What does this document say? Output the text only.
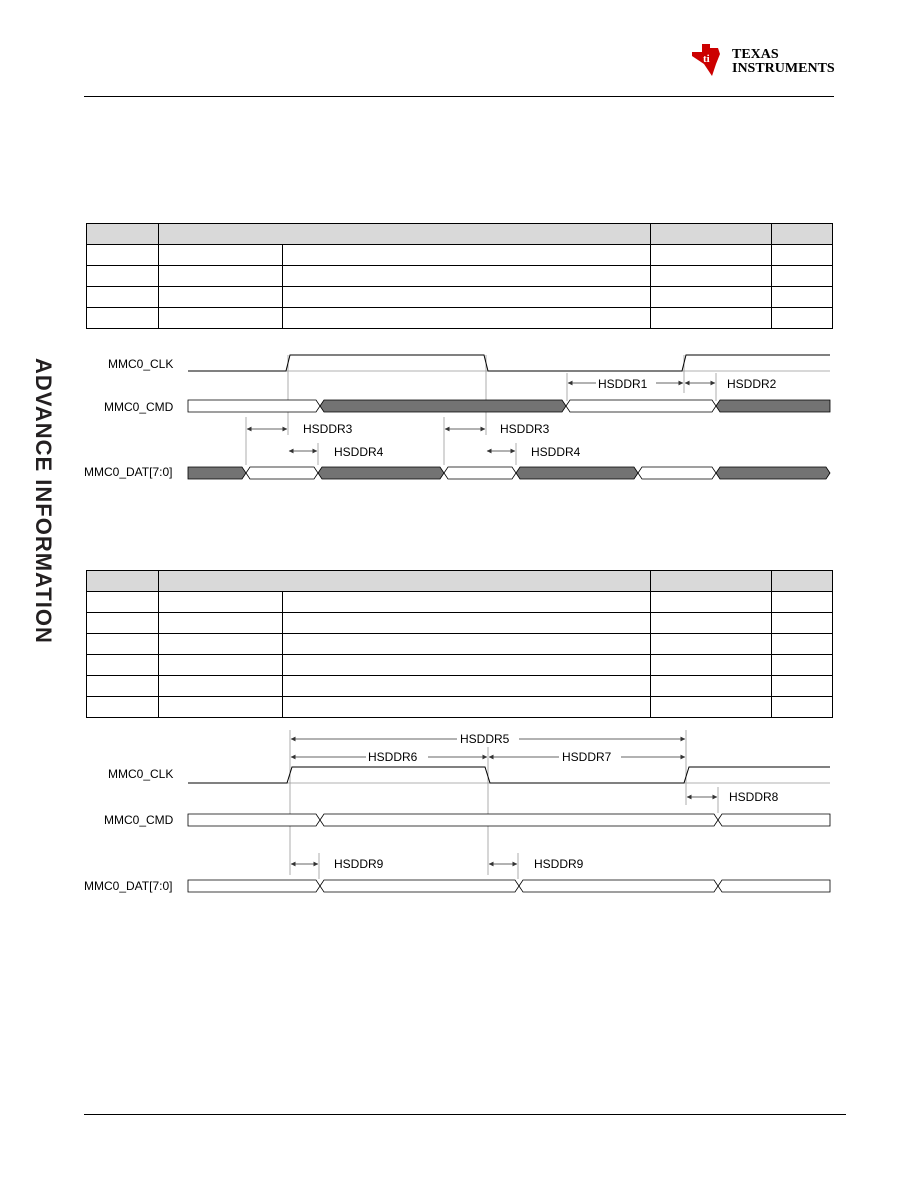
ti TEXAS
INSTRUMENTS
ADVANCE INFORMATION

					MMC0_CLK
MMC0_CMD
MMC0_DAT[7:0]
HSDDR1	HSDDR2
HSDDR3
HSDDR4
HSDDR3
HSDDR4

MMC0_CLK
MMC0_CMD
MMC0_DAT[7:0]
HSDDR5
HSDDR6	HSDDR7
HSDDR8
HSDDR9	HSDDR9
